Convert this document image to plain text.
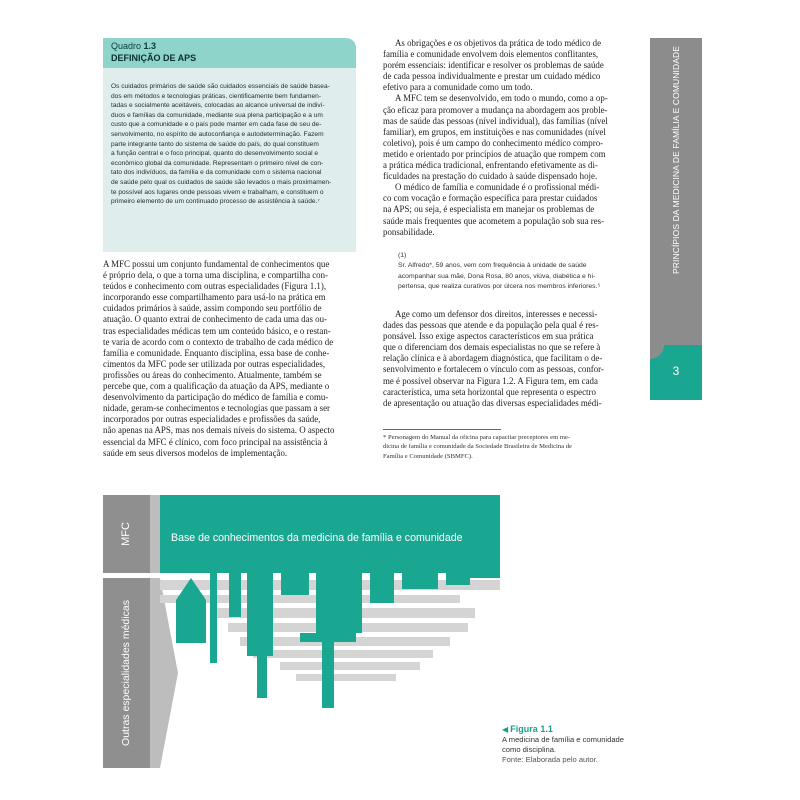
Quadro 1.3
DEFINIÇÃO DE APS
Os cuidados primários de saúde são cuidados essenciais de saúde basea-
dos em métodos e tecnologias práticas, cientificamente bem fundamen-
tadas e socialmente aceitáveis, colocadas ao alcance universal de indiví-
duos e famílias da comunidade, mediante sua plena participação e a um
custo que a comunidade e o país pode manter em cada fase de seu de-
senvolvimento, no espírito de autoconfiança e autodeterminação. Fazem
parte integrante tanto do sistema de saúde do país, do qual constituem
a função central e o foco principal, quanto do desenvolvimento social e
econômico global da comunidade. Representam o primeiro nível de con-
tato dos indivíduos, da família e da comunidade com o sistema nacional
de saúde pelo qual os cuidados de saúde são levados o mais proximamen-
te possível aos lugares onde pessoas vivem e trabalham, e constituem o
primeiro elemento de um continuado processo de assistência à saúde.⁷
A MFC possui um conjunto fundamental de conhecimentos que
é próprio dela, o que a torna uma disciplina, e compartilha con-
teúdos e conhecimento com outras especialidades (Figura 1.1),
incorporando esse compartilhamento para usá-lo na prática em
cuidados primários à saúde, assim compondo seu portfólio de
atuação. O quanto extrai de conhecimento de cada uma das ou-
tras especialidades médicas tem um conteúdo básico, e o restan-
te varia de acordo com o contexto de trabalho de cada médico de
família e comunidade. Enquanto disciplina, essa base de conhe-
cimentos da MFC pode ser utilizada por outras especialidades,
profissões ou áreas do conhecimento. Atualmente, também se
percebe que, com a qualificação da atuação da APS, mediante o
desenvolvimento da participação do médico de família e comu-
nidade, geram-se conhecimentos e tecnologias que passam a ser
incorporados por outras especialidades e profissões da saúde,
não apenas na APS, mas nos demais níveis do sistema. O aspecto
essencial da MFC é clínico, com foco principal na assistência à
saúde em seus diversos modelos de implementação.
As obrigações e os objetivos da prática de todo médico de
família e comunidade envolvem dois elementos conflitantes,
porém essenciais: identificar e resolver os problemas de saúde
de cada pessoa individualmente e prestar um cuidado médico
efetivo para a comunidade como um todo.
A MFC tem se desenvolvido, em todo o mundo, como a op-
ção eficaz para promover a mudança na abordagem aos proble-
mas de saúde das pessoas (nível individual), das famílias (nível
familiar), em grupos, em instituições e nas comunidades (nível
coletivo), pois é um campo do conhecimento médico compro-
metido e orientado por princípios de atuação que rompem com
a prática médica tradicional, enfrentando efetivamente as di-
ficuldades na prestação do cuidado à saúde dispensado hoje.
O médico de família e comunidade é o profissional médi-
co com vocação e formação específica para prestar cuidados
na APS; ou seja, é especialista em manejar os problemas de
saúde mais frequentes que acometem a população sob sua res-
ponsabilidade.
(1)
Sr. Alfredo*, 59 anos, vem com frequência à unidade de saúde
acompanhar sua mãe, Dona Rosa, 80 anos, viúva, diabética e hi-
pertensa, que realiza curativos por úlcera nos membros inferiores.⁵
Age como um defensor dos direitos, interesses e necessi-
dades das pessoas que atende e da população pela qual é res-
ponsável. Isso exige aspectos característicos em sua prática
que o diferenciam dos demais especialistas no que se refere à
relação clínica e à abordagem diagnóstica, que facilitam o de-
senvolvimento e fortalecem o vínculo com as pessoas, confor-
me é possível observar na Figura 1.2. A Figura tem, em cada
característica, uma seta horizontal que representa o espectro
de apresentação ou atuação das diversas especialidades médi-
* Personagem do Manual da oficina para capacitar preceptores em me-
dicina de família e comunidade da Sociedade Brasileira de Medicina de
Família e Comunidade (SBMFC).
PRINCÍPIOS DA MEDICINA DE FAMÍLIA E COMUNIDADE
3
MFC
Outras especialidades médicas
Base de conhecimentos da medicina de família e comunidade
◀ Figura 1.1
A medicina de família e comunidade
como disciplina.
Fonte: Elaborada pelo autor.
